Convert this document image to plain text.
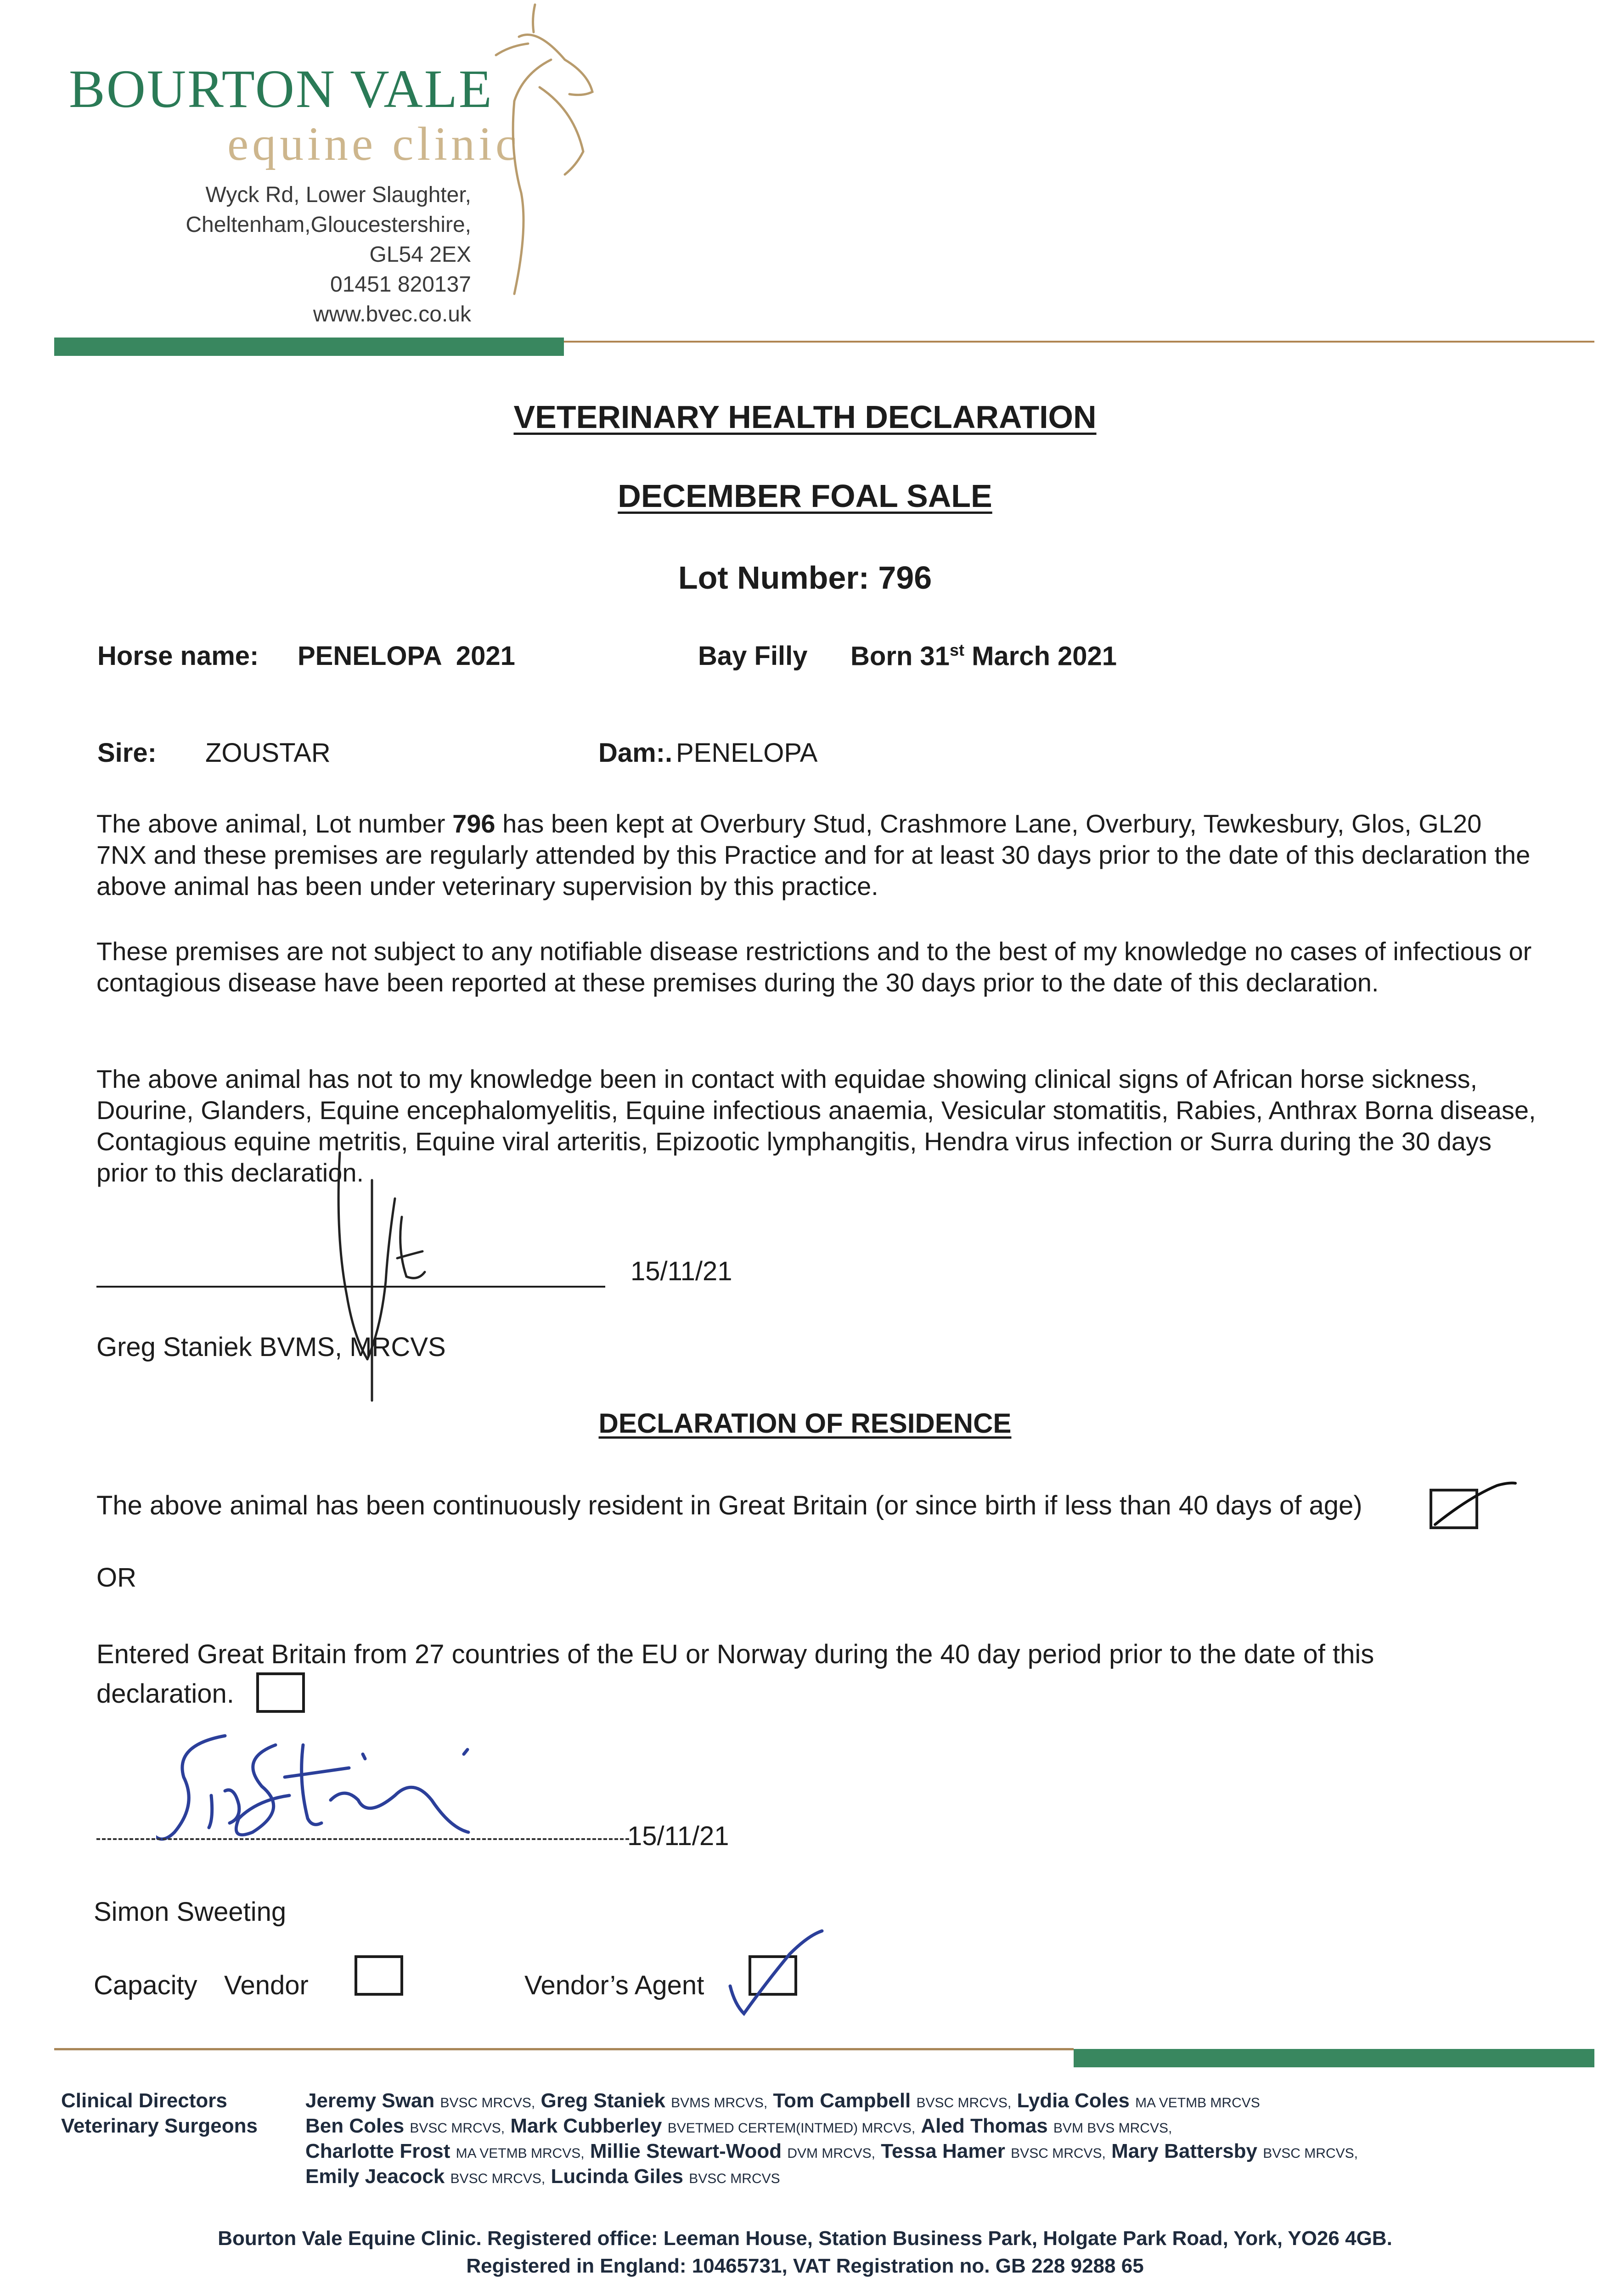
BOURTON VALE
equine clinic
Wyck Rd, Lower Slaughter,
Cheltenham,Gloucestershire,
GL54 2EX
01451 820137
www.bvec.co.uk
VETERINARY HEALTH DECLARATION
DECEMBER FOAL SALE
Lot Number: 796
Horse name: PENELOPA  2021	Bay Filly Born 31st March 2021
Sire: ZOUSTAR	Dam:. PENELOPA
The above animal, Lot number 796 has been kept at Overbury Stud, Crashmore Lane, Overbury, Tewkesbury, Glos, GL20 7NX and these premises are regularly attended by this Practice and for at least 30 days prior to the date of this declaration the above animal has been under veterinary supervision by this practice.
These premises are not subject to any notifiable disease restrictions and to the best of my knowledge no cases of infectious or contagious disease have been reported at these premises during the 30 days prior to the date of this declaration.
The above animal has not to my knowledge been in contact with equidae showing clinical signs of African horse sickness, Dourine, Glanders, Equine encephalomyelitis, Equine infectious anaemia, Vesicular stomatitis, Rabies, Anthrax Borna disease, Contagious equine metritis, Equine viral arteritis, Epizootic lymphangitis, Hendra virus infection or Surra during the 30 days prior to this declaration.
15/11/21
Greg Staniek BVMS, MRCVS
DECLARATION OF RESIDENCE
The above animal has been continuously resident in Great Britain (or since birth if less than 40 days of age)
OR
Entered Great Britain from 27 countries of the EU or Norway during the 40 day period prior to the date of this declaration.
15/11/21
Simon Sweeting
Capacity Vendor	Vendor’s Agent
Clinical Directors
Veterinary Surgeons
Jeremy Swan BVSC MRCVS, Greg Staniek BVMS MRCVS, Tom Campbell BVSC MRCVS, Lydia Coles MA VETMB MRCVS
Ben Coles BVSC MRCVS, Mark Cubberley BVETMED CERTEM(INTMED) MRCVS, Aled Thomas BVM BVS MRCVS,
Charlotte Frost MA VETMB MRCVS, Millie Stewart-Wood DVM MRCVS, Tessa Hamer BVSC MRCVS, Mary Battersby BVSC MRCVS,
Emily Jeacock BVSC MRCVS, Lucinda Giles BVSC MRCVS
Bourton Vale Equine Clinic. Registered office: Leeman House, Station Business Park, Holgate Park Road, York, YO26 4GB.
Registered in England: 10465731, VAT Registration no. GB 228 9288 65
